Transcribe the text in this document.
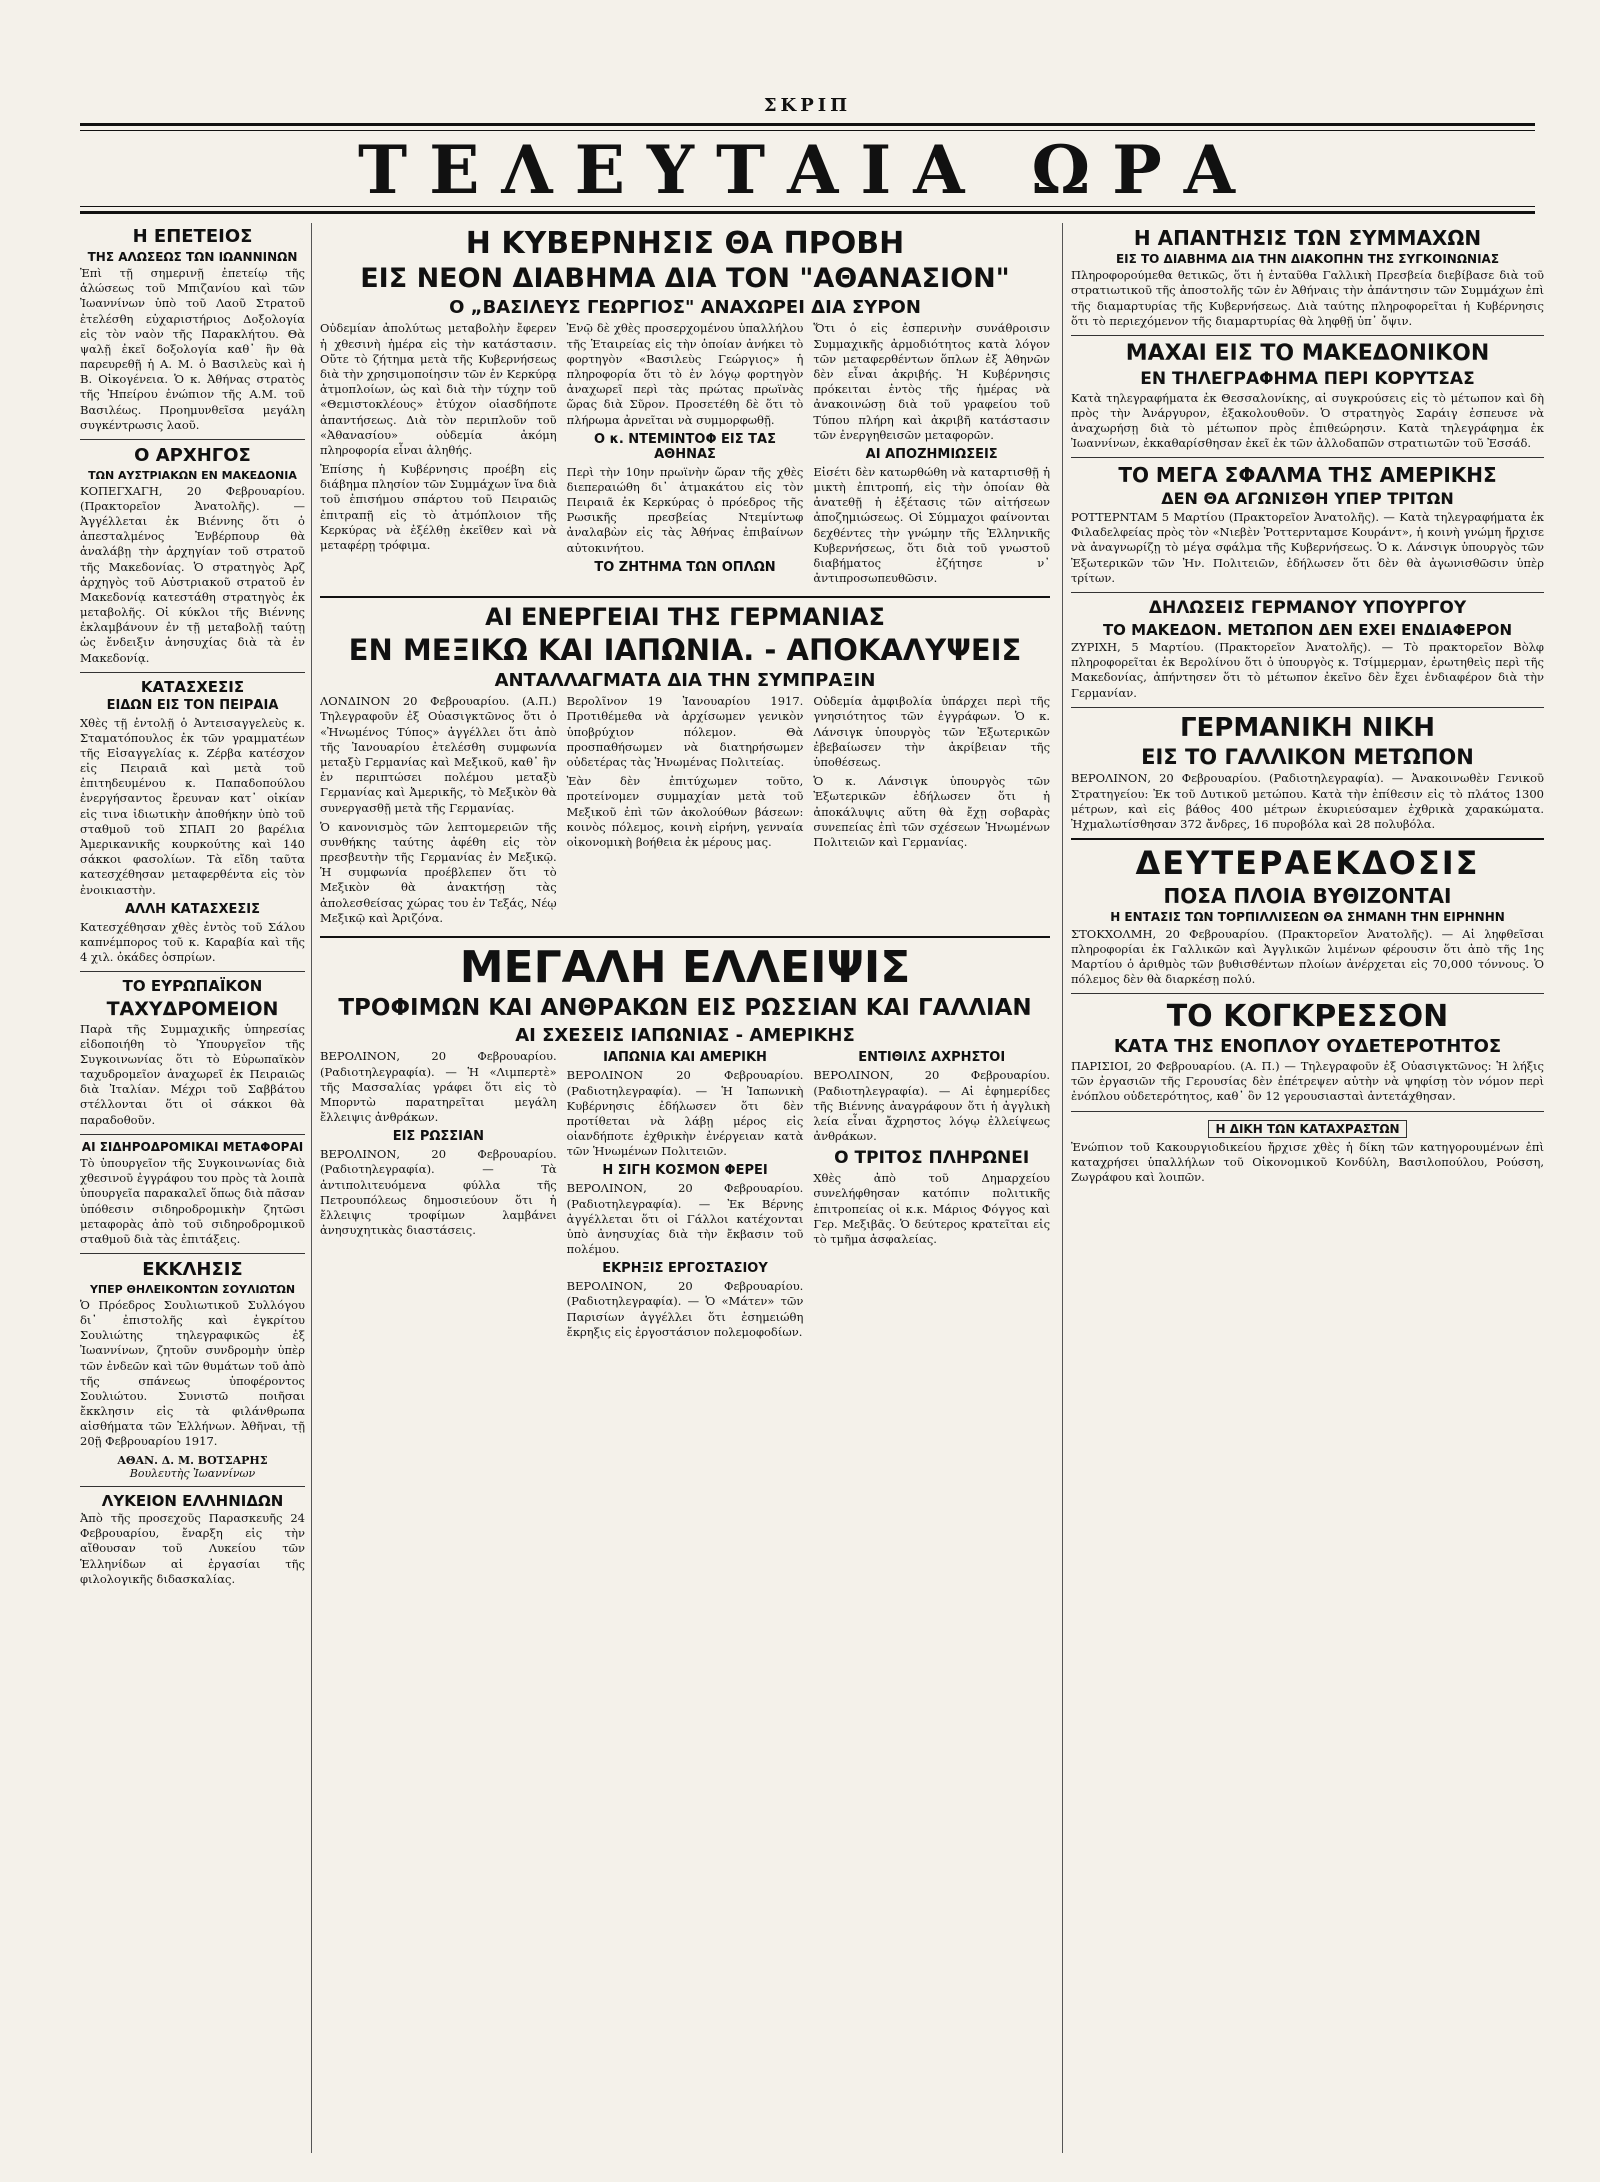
ΣΚΡΙΠ
ΤΕΛΕΥΤΑΙΑ ΩΡΑ
Η ΕΠΕΤΕΙΟΣ
ΤΗΣ ΑΛΩΣΕΩΣ ΤΩΝ ΙΩΑΝΝΙΝΩΝ

Ἐπὶ τῇ σημερινῇ ἐπετείῳ τῆς ἁλώσεως τοῦ Μπιζανίου καὶ τῶν Ἰωαννίνων ὑπὸ τοῦ Λαοῦ Στρατοῦ ἐτελέσθη εὐχαριστήριος Δοξολογία εἰς τὸν ναὸν τῆς Παρακλήτου. Θὰ ψαλῇ ἐκεῖ δοξολογία καθ᾽ ἣν θὰ παρευρεθῇ ἡ Α. Μ. ὁ Βασιλεὺς καὶ ἡ Β. Οἰκογένεια. Ὁ κ. Ἀθήνας στρατὸς τῆς Ἠπείρου ἐνώπιον τῆς Α.Μ. τοῦ Βασιλέως. Προημυνθεῖσα μεγάλη συγκέντρωσις λαοῦ.

Ο ΑΡΧΗΓΟΣ
ΤΩΝ ΑΥΣΤΡΙΑΚΩΝ ΕΝ ΜΑΚΕΔΟΝΙΑ

ΚΟΠΕΓΧΑΓΗ, 20 Φεβρουαρίου. (Πρακτορεῖον Ἀνατολῆς). — Ἀγγέλλεται ἐκ Βιέννης ὅτι ὁ ἀπεσταλμένος Ἐνβέρπουρ θὰ ἀναλάβῃ τὴν ἀρχηγίαν τοῦ στρατοῦ τῆς Μακεδονίας. Ὁ στρατηγὸς Ἀρζ ἀρχηγὸς τοῦ Αὐστριακοῦ στρατοῦ ἐν Μακεδονίᾳ κατεστάθη στρατηγὸς ἐκ μεταβολῆς. Οἱ κύκλοι τῆς Βιέννης ἐκλαμβάνουν ἐν τῇ μεταβολῇ ταύτῃ ὡς ἔνδειξιν ἀνησυχίας διὰ τὰ ἐν Μακεδονίᾳ.

ΚΑΤΑΣΧΕΣΙΣ
ΕΙΔΩΝ ΕΙΣ ΤΟΝ ΠΕΙΡΑΙΑ

Χθὲς τῇ ἐντολῇ ὁ Ἀντεισαγγελεὺς κ. Σταματόπουλος ἐκ τῶν γραμματέων τῆς Εἰσαγγελίας κ. Ζέρβα κατέσχον εἰς Πειραιᾶ καὶ μετὰ τοῦ ἐπιτηδευμένου κ. Παπαδοπούλου ἐνεργήσαντος ἔρευναν κατ᾽ οἰκίαν εἰς τινα ἰδιωτικὴν ἀποθήκην ὑπὸ τοῦ σταθμοῦ τοῦ ΣΠΑΠ 20 βαρέλια Ἀμερικανικῆς κουρκούτης καὶ 140 σάκκοι φασολίων. Τὰ εἴδη ταῦτα κατεσχέθησαν μεταφερθέντα εἰς τὸν ἐνοικιαστὴν.

ΑΛΛΗ ΚΑΤΑΣΧΕΣΙΣ

Κατεσχέθησαν χθὲς ἐντὸς τοῦ Σάλου καπνέμπορος τοῦ κ. Καραβία καὶ τῆς 4 χιλ. ὀκάδες ὁσπρίων.

ΤΟ ΕΥΡΩΠΑΪΚΟΝ
ΤΑΧΥΔΡΟΜΕΙΟΝ

Παρὰ τῆς Συμμαχικῆς ὑπηρεσίας εἰδοποιήθη τὸ Ὑπουργεῖον τῆς Συγκοινωνίας ὅτι τὸ Εὐρωπαϊκὸν ταχυδρομεῖον ἀναχωρεῖ ἐκ Πειραιῶς διὰ Ἰταλίαν. Μέχρι τοῦ Σαββάτου στέλλονται ὅτι οἱ σάκκοι θὰ παραδοθοῦν.

ΑΙ ΣΙΔΗΡΟΔΡΟΜΙΚΑΙ ΜΕΤΑΦΟΡΑΙ

Τὸ ὑπουργεῖον τῆς Συγκοινωνίας διὰ χθεσινοῦ ἐγγράφου του πρὸς τὰ λοιπὰ ὑπουργεῖα παρακαλεῖ ὅπως διὰ πᾶσαν ὑπόθεσιν σιδηροδρομικὴν ζητῶσι μεταφορὰς ἀπὸ τοῦ σιδηροδρομικοῦ σταθμοῦ διὰ τὰς ἐπιτάξεις.

ΕΚΚΛΗΣΙΣ
ΥΠΕΡ ΘΗΛΕΙΚΟΝΤΩΝ ΣΟΥΛΙΩΤΩΝ

Ὁ Πρόεδρος Σουλιωτικοῦ Συλλόγου δι᾽ ἐπιστολῆς καὶ ἐγκρίτου Σουλιώτης τηλεγραφικῶς ἐξ Ἰωαννίνων, ζητοῦν συνδρομὴν ὑπὲρ τῶν ἐνδεῶν καὶ τῶν θυμάτων τοῦ ἀπὸ τῆς σπάνεως ὑποφέροντος Σουλιώτου. Συνιστῶ ποιῆσαι ἔκκλησιν εἰς τὰ φιλάνθρωπα αἰσθήματα τῶν Ἑλλήνων. Ἀθῆναι, τῇ 20ῇ Φεβρουαρίου 1917.

ΑΘΑΝ. Δ. Μ. ΒΟΤΣΑΡΗΣ
Βουλευτὴς Ἰωαννίνων
ΛΥΚΕΙΟΝ ΕΛΛΗΝΙΔΩΝ

Ἀπὸ τῆς προσεχοῦς Παρασκευῆς 24 Φεβρουαρίου, ἔναρξη εἰς τὴν αἴθουσαν τοῦ Λυκείου τῶν Ἑλληνίδων αἱ ἐργασίαι τῆς φιλολογικῆς διδασκαλίας.

Η ΚΥΒΕΡΝΗΣΙΣ ΘΑ ΠΡΟΒΗ
ΕΙΣ ΝΕΟΝ ΔΙΑΒΗΜΑ ΔΙΑ ΤΟΝ "ΑΘΑΝΑΣΙΟΝ"
Ο „ΒΑΣΙΛΕΥΣ ΓΕΩΡΓΙΟΣ" ΑΝΑΧΩΡΕΙ ΔΙΑ ΣΥΡΟΝ

Οὐδεμίαν ἀπολύτως μεταβολὴν ἔφερεν ἡ χθεσινὴ ἡμέρα εἰς τὴν κατάστασιν. Οὔτε τὸ ζήτημα μετὰ τῆς Κυβερνήσεως διὰ τὴν χρησιμοποίησιν τῶν ἐν Κερκύρᾳ ἀτμοπλοίων, ὡς καὶ διὰ τὴν τύχην τοῦ «Θεμιστοκλέους» ἐτύχον οἱασδήποτε ἀπαντήσεως. Διὰ τὸν περιπλοῦν τοῦ «Ἀθανασίου» οὐδεμία ἀκόμη πληροφορία εἶναι ἀληθής.

Ἐπίσης ἡ Κυβέρνησις προέβη εἰς διάβημα πλησίον τῶν Συμμάχων ἵνα διὰ τοῦ ἐπισήμου σπάρτου τοῦ Πειραιῶς ἐπιτραπῇ εἰς τὸ ἀτμόπλοιον τῆς Κερκύρας νὰ ἐξέλθῃ ἐκεῖθεν καὶ νὰ μεταφέρῃ τρόφιμα.

Ἐνῷ δὲ χθὲς προσερχομένου ὑπαλλήλου τῆς Ἑταιρείας εἰς τὴν ὁποίαν ἀνήκει τὸ φορτηγὸν «Βασιλεὺς Γεώργιος» ἡ πληροφορία ὅτι τὸ ἐν λόγῳ φορτηγὸν ἀναχωρεῖ περὶ τὰς πρώτας πρωϊνὰς ὥρας διὰ Σῦρον. Προσετέθη δὲ ὅτι τὸ πλήρωμα ἀρνεῖται νὰ συμμορφωθῇ.

Ο κ. ΝΤΕΜΙΝΤΟΦ ΕΙΣ ΤΑΣ ΑΘΗΝΑΣ

Περὶ τὴν 10ην πρωϊνὴν ὥραν τῆς χθὲς διεπεραιώθη δι᾽ ἀτμακάτου εἰς τὸν Πειραιᾶ ἐκ Κερκύρας ὁ πρόεδρος τῆς Ρωσικῆς πρεσβείας Ντεμίντωφ ἀναλαβὼν εἰς τὰς Ἀθήνας ἐπιβαίνων αὐτοκινήτου.

ΤΟ ΖΗΤΗΜΑ ΤΩΝ ΟΠΛΩΝ

Ὅτι ὁ εἰς ἐσπερινὴν συνάθροισιν Συμμαχικῆς ἀρμοδιότητος κατὰ λόγον τῶν μεταφερθέντων ὅπλων ἐξ Ἀθηνῶν δὲν εἶναι ἀκριβής. Ἡ Κυβέρνησις πρόκειται ἐντὸς τῆς ἡμέρας νὰ ἀνακοινώσῃ διὰ τοῦ γραφείου τοῦ Τύπου πλήρη καὶ ἀκριβῆ κατάστασιν τῶν ἐνεργηθεισῶν μεταφορῶν.

ΑΙ ΑΠΟΖΗΜΙΩΣΕΙΣ

Εἰσέτι δὲν κατωρθώθη νὰ καταρτισθῇ ἡ μικτὴ ἐπιτροπή, εἰς τὴν ὁποίαν θὰ ἀνατεθῇ ἡ ἐξέτασις τῶν αἰτήσεων ἀποζημιώσεως. Οἱ Σύμμαχοι φαίνονται δεχθέντες τὴν γνώμην τῆς Ἑλληνικῆς Κυβερνήσεως, ὅτι διὰ τοῦ γνωστοῦ διαβήματος ἐζήτησε ν᾽ ἀντιπροσωπευθῶσιν.

ΑΙ ΕΝΕΡΓΕΙΑΙ ΤΗΣ ΓΕΡΜΑΝΙΑΣ
ΕΝ ΜΕΞΙΚΩ ΚΑΙ ΙΑΠΩΝΙΑ. - ΑΠΟΚΑΛΥΨΕΙΣ
ΑΝΤΑΛΛΑΓΜΑΤΑ ΔΙΑ ΤΗΝ ΣΥΜΠΡΑΞΙΝ

ΛΟΝΔΙΝΟΝ 20 Φεβρουαρίου. (Α.Π.) Τηλεγραφοῦν ἐξ Οὐασιγκτῶνος ὅτι ὁ «Ἠνωμένος Τύπος» ἀγγέλλει ὅτι ἀπὸ τῆς Ἰανουαρίου ἐτελέσθη συμφωνία μεταξὺ Γερμανίας καὶ Μεξικοῦ, καθ᾽ ἣν ἐν περιπτώσει πολέμου μεταξὺ Γερμανίας καὶ Ἀμερικῆς, τὸ Μεξικὸν θὰ συνεργασθῇ μετὰ τῆς Γερμανίας.

Ὁ κανονισμὸς τῶν λεπτομερειῶν τῆς συνθήκης ταύτης ἀφέθη εἰς τὸν πρεσβευτὴν τῆς Γερμανίας ἐν Μεξικῷ. Ἡ συμφωνία προέβλεπεν ὅτι τὸ Μεξικὸν θὰ ἀνακτήσῃ τὰς ἀπολεσθείσας χώρας του ἐν Τεξάς, Νέῳ Μεξικῷ καὶ Ἀριζόνα.

Βερολῖνον 19 Ἰανουαρίου 1917. Προτιθέμεθα νὰ ἀρχίσωμεν γενικὸν ὑποβρύχιον πόλεμον. Θὰ προσπαθήσωμεν νὰ διατηρήσωμεν οὐδετέρας τὰς Ἡνωμένας Πολιτείας.

Ἐὰν δὲν ἐπιτύχωμεν τοῦτο, προτείνομεν συμμαχίαν μετὰ τοῦ Μεξικοῦ ἐπὶ τῶν ἀκολούθων βάσεων: κοινὸς πόλεμος, κοινὴ εἰρήνη, γενναία οἰκονομικὴ βοήθεια ἐκ μέρους μας.

Οὐδεμία ἀμφιβολία ὑπάρχει περὶ τῆς γνησιότητος τῶν ἐγγράφων. Ὁ κ. Λάνσιγκ ὑπουργὸς τῶν Ἐξωτερικῶν ἐβεβαίωσεν τὴν ἀκρίβειαν τῆς ὑποθέσεως.

Ὁ κ. Λάνσιγκ ὑπουργὸς τῶν Ἐξωτερικῶν ἐδήλωσεν ὅτι ἡ ἀποκάλυψις αὕτη θὰ ἔχῃ σοβαρὰς συνεπείας ἐπὶ τῶν σχέσεων Ἡνωμένων Πολιτειῶν καὶ Γερμανίας.

ΜΕΓΑΛΗ ΕΛΛΕΙΨΙΣ
ΤΡΟΦΙΜΩΝ ΚΑΙ ΑΝΘΡΑΚΩΝ ΕΙΣ ΡΩΣΣΙΑΝ ΚΑΙ ΓΑΛΛΙΑΝ
ΑΙ ΣΧΕΣΕΙΣ ΙΑΠΩΝΙΑΣ - ΑΜΕΡΙΚΗΣ

ΒΕΡΟΛΙΝΟΝ, 20 Φεβρουαρίου. (Ραδιοτηλεγραφία). — Ἡ «Λιμπερτὲ» τῆς Μασσαλίας γράφει ὅτι εἰς τὸ Μπορντὼ παρατηρεῖται μεγάλη ἔλλειψις ἀνθράκων.

ΕΙΣ ΡΩΣΣΙΑΝ

ΒΕΡΟΛΙΝΟΝ, 20 Φεβρουαρίου. (Ραδιοτηλεγραφία). — Τὰ ἀντιπολιτευόμενα φύλλα τῆς Πετρουπόλεως δημοσιεύουν ὅτι ἡ ἔλλειψις τροφίμων λαμβάνει ἀνησυχητικὰς διαστάσεις.

ΙΑΠΩΝΙΑ ΚΑΙ ΑΜΕΡΙΚΗ

ΒΕΡΟΛΙΝΟΝ 20 Φεβρουαρίου. (Ραδιοτηλεγραφία). — Ἡ Ἰαπωνικὴ Κυβέρνησις ἐδήλωσεν ὅτι δὲν προτίθεται νὰ λάβῃ μέρος εἰς οἱανδήποτε ἐχθρικὴν ἐνέργειαν κατὰ τῶν Ἡνωμένων Πολιτειῶν.

Η ΣΙΓΗ ΚΟΣΜΟΝ ΦΕΡΕΙ

ΒΕΡΟΛΙΝΟΝ, 20 Φεβρουαρίου. (Ραδιοτηλεγραφία). — Ἐκ Βέρνης ἀγγέλλεται ὅτι οἱ Γάλλοι κατέχονται ὑπὸ ἀνησυχίας διὰ τὴν ἔκβασιν τοῦ πολέμου.

ΕΚΡΗΞΙΣ ΕΡΓΟΣΤΑΣΙΟΥ

ΒΕΡΟΛΙΝΟΝ, 20 Φεβρουαρίου. (Ραδιοτηλεγραφία). — Ὁ «Μάτεν» τῶν Παρισίων ἀγγέλλει ὅτι ἐσημειώθη ἔκρηξις εἰς ἐργοστάσιον πολεμοφοδίων.

ΕΝΤΙΘΙΛΣ ΑΧΡΗΣΤΟΙ

ΒΕΡΟΛΙΝΟΝ, 20 Φεβρουαρίου. (Ραδιοτηλεγραφία). — Αἱ ἐφημερίδες τῆς Βιέννης ἀναγράφουν ὅτι ἡ ἀγγλικὴ λεία εἶναι ἄχρηστος λόγῳ ἐλλείψεως ἀνθράκων.

Ο ΤΡΙΤΟΣ ΠΛΗΡΩΝΕΙ

Χθὲς ἀπὸ τοῦ Δημαρχείου συνελήφθησαν κατόπιν πολιτικῆς ἐπιτροπείας οἱ κ.κ. Μάριος Φόγγος καὶ Γερ. Μεξιβᾶς. Ὁ δεύτερος κρατεῖται εἰς τὸ τμῆμα ἀσφαλείας.

Η ΑΠΑΝΤΗΣΙΣ ΤΩΝ ΣΥΜΜΑΧΩΝ
ΕΙΣ ΤΟ ΔΙΑΒΗΜΑ ΔΙΑ ΤΗΝ ΔΙΑΚΟΠΗΝ ΤΗΣ ΣΥΓΚΟΙΝΩΝΙΑΣ

Πληροφορούμεθα θετικῶς, ὅτι ἡ ἐνταῦθα Γαλλικὴ Πρεσβεία διεβίβασε διὰ τοῦ στρατιωτικοῦ τῆς ἀποστολῆς τῶν ἐν Ἀθήναις τὴν ἀπάντησιν τῶν Συμμάχων ἐπὶ τῆς διαμαρτυρίας τῆς Κυβερνήσεως. Διὰ ταύτης πληροφορεῖται ἡ Κυβέρνησις ὅτι τὸ περιεχόμενον τῆς διαμαρτυρίας θὰ ληφθῇ ὑπ᾽ ὄψιν.

ΜΑΧΑΙ ΕΙΣ ΤΟ ΜΑΚΕΔΟΝΙΚΟΝ
ΕΝ ΤΗΛΕΓΡΑΦΗΜΑ ΠΕΡΙ ΚΟΡΥΤΣΑΣ

Κατὰ τηλεγραφήματα ἐκ Θεσσαλονίκης, αἱ συγκρούσεις εἰς τὸ μέτωπον καὶ δὴ πρὸς τὴν Ἀνάργυρον, ἐξακολουθοῦν. Ὁ στρατηγὸς Σαράιγ ἐσπευσε νὰ ἀναχωρήσῃ διὰ τὸ μέτωπον πρὸς ἐπιθεώρησιν. Κατὰ τηλεγράφημα ἐκ Ἰωαννίνων, ἐκκαθαρίσθησαν ἐκεῖ ἐκ τῶν ἀλλοδαπῶν στρατιωτῶν τοῦ Ἐσσάδ.

ΤΟ ΜΕΓΑ ΣΦΑΛΜΑ ΤΗΣ ΑΜΕΡΙΚΗΣ
ΔΕΝ ΘΑ ΑΓΩΝΙΣΘΗ ΥΠΕΡ ΤΡΙΤΩΝ

ΡΟΤΤΕΡΝΤΑΜ 5 Μαρτίου (Πρακτορεῖον Ἀνατολῆς). — Κατὰ τηλεγραφήματα ἐκ Φιλαδελφείας πρὸς τὸν «Νιεβὲν Ῥοττερνταμσε Κουράντ», ἡ κοινὴ γνώμη ἤρχισε νὰ ἀναγνωρίζῃ τὸ μέγα σφάλμα τῆς Κυβερνήσεως. Ὁ κ. Λάνσιγκ ὑπουργὸς τῶν Ἐξωτερικῶν τῶν Ἡν. Πολιτειῶν, ἐδήλωσεν ὅτι δὲν θὰ ἀγωνισθῶσιν ὑπὲρ τρίτων.

ΔΗΛΩΣΕΙΣ ΓΕΡΜΑΝΟΥ ΥΠΟΥΡΓΟΥ
ΤΟ ΜΑΚΕΔΟΝ. ΜΕΤΩΠΟΝ ΔΕΝ ΕΧΕΙ ΕΝΔΙΑΦΕΡΟΝ

ΖΥΡΙΧΗ, 5 Μαρτίου. (Πρακτορεῖον Ἀνατολῆς). — Τὸ πρακτορεῖον Βὸλφ πληροφορεῖται ἐκ Βερολίνου ὅτι ὁ ὑπουργὸς κ. Τσίμμερμαν, ἐρωτηθεὶς περὶ τῆς Μακεδονίας, ἀπήντησεν ὅτι τὸ μέτωπον ἐκεῖνο δὲν ἔχει ἐνδιαφέρον διὰ τὴν Γερμανίαν.

ΓΕΡΜΑΝΙΚΗ ΝΙΚΗ
ΕΙΣ ΤΟ ΓΑΛΛΙΚΟΝ ΜΕΤΩΠΟΝ

ΒΕΡΟΛΙΝΟΝ, 20 Φεβρουαρίου. (Ραδιοτηλεγραφία). — Ἀνακοινωθὲν Γενικοῦ Στρατηγείου: Ἐκ τοῦ Δυτικοῦ μετώπου. Κατὰ τὴν ἐπίθεσιν εἰς τὸ πλάτος 1300 μέτρων, καὶ εἰς βάθος 400 μέτρων ἐκυριεύσαμεν ἐχθρικὰ χαρακώματα. Ἠχμαλωτίσθησαν 372 ἄνδρες, 16 πυροβόλα καὶ 28 πολυβόλα.

ΔΕΥΤΕΡΑΕΚΔΟΣΙΣ
ΠΟΣΑ ΠΛΟΙΑ ΒΥΘΙΖΟΝΤΑΙ
Η ΕΝΤΑΣΙΣ ΤΩΝ ΤΟΡΠΙΛΛΙΣΕΩΝ ΘΑ ΣΗΜΑΝΗ ΤΗΝ ΕΙΡΗΝΗΝ

ΣΤΟΚΧΟΛΜΗ, 20 Φεβρουαρίου. (Πρακτορεῖον Ἀνατολῆς). — Αἱ ληφθεῖσαι πληροφορίαι ἐκ Γαλλικῶν καὶ Ἀγγλικῶν λιμένων φέρουσιν ὅτι ἀπὸ τῆς 1ης Μαρτίου ὁ ἀριθμὸς τῶν βυθισθέντων πλοίων ἀνέρχεται εἰς 70,000 τόννους. Ὁ πόλεμος δὲν θὰ διαρκέσῃ πολύ.

ΤΟ ΚΟΓΚΡΕΣΣΟΝ
ΚΑΤΑ ΤΗΣ ΕΝΟΠΛΟΥ ΟΥΔΕΤΕΡΟΤΗΤΟΣ

ΠΑΡΙΣΙΟΙ, 20 Φεβρουαρίου. (Α. Π.) — Τηλεγραφοῦν ἐξ Οὐασιγκτῶνος: Ἡ λήξις τῶν ἐργασιῶν τῆς Γερουσίας δὲν ἐπέτρεψεν αὐτὴν νὰ ψηφίσῃ τὸν νόμον περὶ ἐνόπλου οὐδετερότητος, καθ᾽ ὃν 12 γερουσιασταὶ ἀντετάχθησαν.

Η ΔΙΚΗ ΤΩΝ ΚΑΤΑΧΡΑΣΤΩΝ

Ἐνώπιον τοῦ Κακουργιοδικείου ἤρχισε χθὲς ἡ δίκη τῶν κατηγορουμένων ἐπὶ καταχρήσει ὑπαλλήλων τοῦ Οἰκονομικοῦ Κονδύλη, Βασιλοπούλου, Ρούσση, Ζωγράφου καὶ λοιπῶν.
